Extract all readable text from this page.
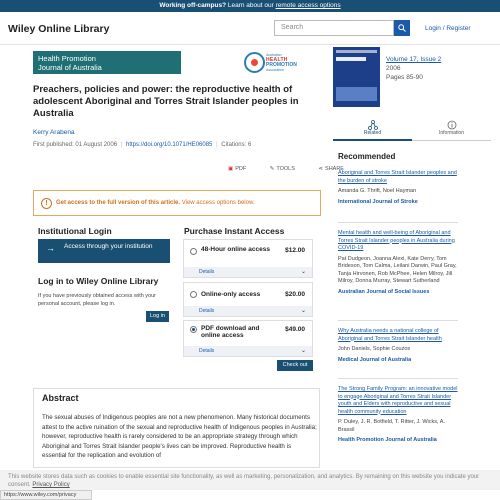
Working off-campus? Learn about our remote access options
Wiley Online Library	Search	Login / Register
Health Promotion
Journal of Australia
Australian
HEALTH
PROMOTION
Association
Volume 17, Issue 2
2006
Pages 85-90
Preachers, policies and power: the reproductive health of adolescent Aboriginal and Torres Strait Islander peoples in Australia
Kerry Arabena
First published: 01 August 2006 | https://doi.org/10.1071/HE06085 | Citations: 6
▣ PDF	✎ TOOLS	⋖ SHARE
!	Get access to the full version of this article. View access options below.
Institutional Login
→ Access through your institution
Log in to Wiley Online Library
If you have previously obtained access with your personal account, please log in.
Log in
Purchase Instant Access
48-Hour online access $12.00
Details	⌄
Online-only access	$20.00
Details	⌄
PDF download and online access
$49.00
Details	⌄
Check out
Abstract

The sexual abuses of Indigenous peoples are not a new phenomenon. Many historical documents attest to the active ruination of the sexual and reproductive health of Indigenous peoples in Australia; however, reproductive health is rarely considered to be an appropriate strategy through which Aboriginal and Torres Strait Islander people's lives can be improved. Reproductive health is essential for the replication and evolution of

Related	Information
Recommended
Aboriginal and Torres Strait Islander peoples and the burden of stroke
Amanda G. Thrift, Noel Hayman
International Journal of Stroke
Mental health and well-being of Aboriginal and Torres Strait Islander peoples in Australia during COVID-19
Pat Dudgeon, Joanna Alexi, Kate Derry, Tom Brideson, Tom Calma, Leilani Darwin, Paul Gray, Tanja Hirvonen, Rob McPhee, Helen Milroy, Jill Milroy, Donna Murray, Stewart Sutherland
Australian Journal of Social Issues
Why Australia needs a national college of Aboriginal and Torres Strait Islander health
John Daniels, Sophie Couzos
Medical Journal of Australia
The Strong Family Program: an innovative model to engage Aboriginal and Torres Strait Islander youth and Elders with reproductive and sexual health community education
P. Duley, J. R. Botfield, T. Ritter, J. Wicks, A. Brassil
Health Promotion Journal of Australia
This website stores data such as cookies to enable essential site functionality, as well as marketing, personalization, and analytics. By remaining on this website you indicate your consent. Privacy Policy
https://www.wiley.com/privacy
